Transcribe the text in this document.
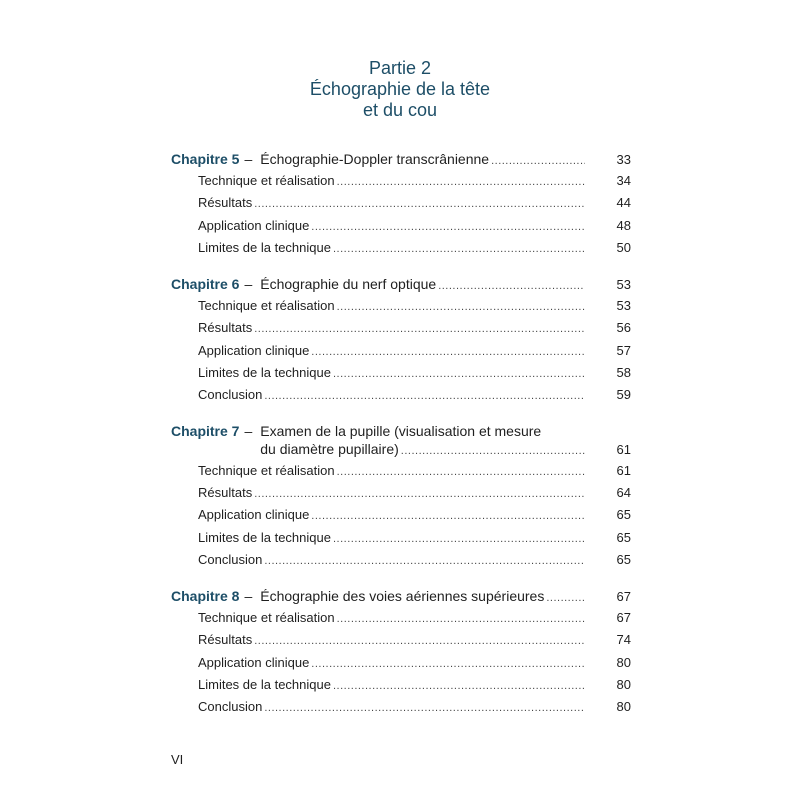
Partie 2
Échographie de la tête
et du cou
Chapitre 5 – Échographie-Doppler transcrânienne .....	33
Technique et réalisation .....	34
Résultats .....	44
Application clinique .....	48
Limites de la technique .....	50
Chapitre 6 – Échographie du nerf optique .....	53
Technique et réalisation .....	53
Résultats .....	56
Application clinique .....	57
Limites de la technique .....	58
Conclusion .....	59
Chapitre 7 – Examen de la pupille (visualisation et mesure
du diamètre pupillaire) .....	61
Technique et réalisation .....	61
Résultats .....	64
Application clinique .....	65
Limites de la technique .....	65
Conclusion .....	65
Chapitre 8 – Échographie des voies aériennes supérieures .....	67
Technique et réalisation .....	67
Résultats .....	74
Application clinique .....	80
Limites de la technique .....	80
Conclusion .....	80
VI
